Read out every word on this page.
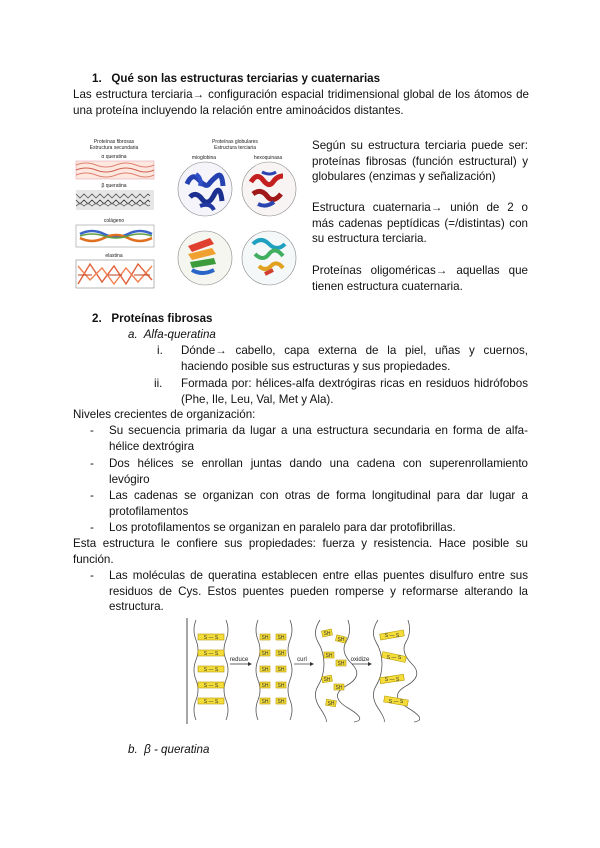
1. Qué son las estructuras terciarias y cuaternarias
Las estructura terciaria→ configuración espacial tridimensional global de los átomos de una proteína incluyendo la relación entre aminoácidos distantes.
Proteínas fibrosas
Estructura secundaria
α queratina
β queratina
colágeno
elastina
Proteínas globulares
Estructura terciaria
mioglobina	hexoquinasa
Según su estructura terciaria puede ser: proteínas fibrosas (función estructural) y globulares (enzimas y señalización)
Estructura cuaternaria→ unión de 2 o más cadenas peptídicas (=/distintas) con su estructura terciaria.
Proteínas oligoméricas→ aquellas que tienen estructura cuaternaria.
2. Proteínas fibrosas
a. Alfa-queratina
i. Dónde→ cabello, capa externa de la piel, uñas y cuernos, haciendo posible sus estructuras y sus propiedades.
ii. Formada por: hélices-alfa dextrógiras ricas en residuos hidrófobos (Phe, Ile, Leu, Val, Met y Ala).
Niveles crecientes de organización:
- Su secuencia primaria da lugar a una estructura secundaria en forma de alfa-hélice dextrógira
- Dos hélices se enrollan juntas dando una cadena con superenrollamiento levógiro
- Las cadenas se organizan con otras de forma longitudinal para dar lugar a protofilamentos
- Los protofilamentos se organizan en paralelo para dar protofibrillas.
Esta estructura le confiere sus propiedades: fuerza y resistencia. Hace posible su función.
- Las moléculas de queratina establecen entre ellas puentes disulfuro entre sus residuos de Cys. Estos puentes pueden romperse y reformarse alterando la estructura.
S — S
S — S
S — S
S — S
S — S
reduce
SH SH
SH SH
SH SH
SH SH
SH SH
curl
SH
SH
SH
SH
SH
SH
SH
oxidize
S — S
S — S
S — S
S — S
b. β - queratina
